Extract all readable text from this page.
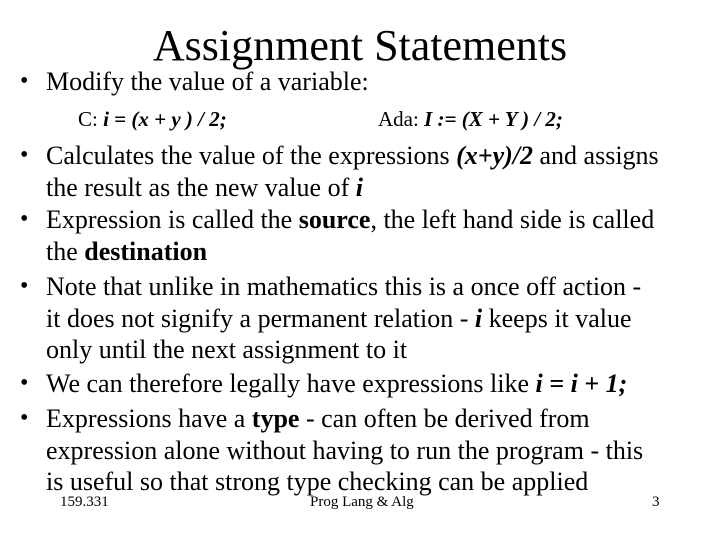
Assignment Statements
• Modify the value of a variable:
C: i = (x + y ) / 2;	Ada: I := (X + Y ) / 2;
• Calculates the value of the expressions (x+y)/2 and assigns
the result as the new value of i
• Expression is called the source, the left hand side is called
the destination
• Note that unlike in mathematics this is a once off action -
it does not signify a permanent relation - i keeps it value
only until the next assignment to it
• We can therefore legally have expressions like i = i + 1;
• Expressions have a type - can often be derived from
expression alone without having to run the program - this
is useful so that strong type checking can be applied
159.331	Prog Lang & Alg	3
